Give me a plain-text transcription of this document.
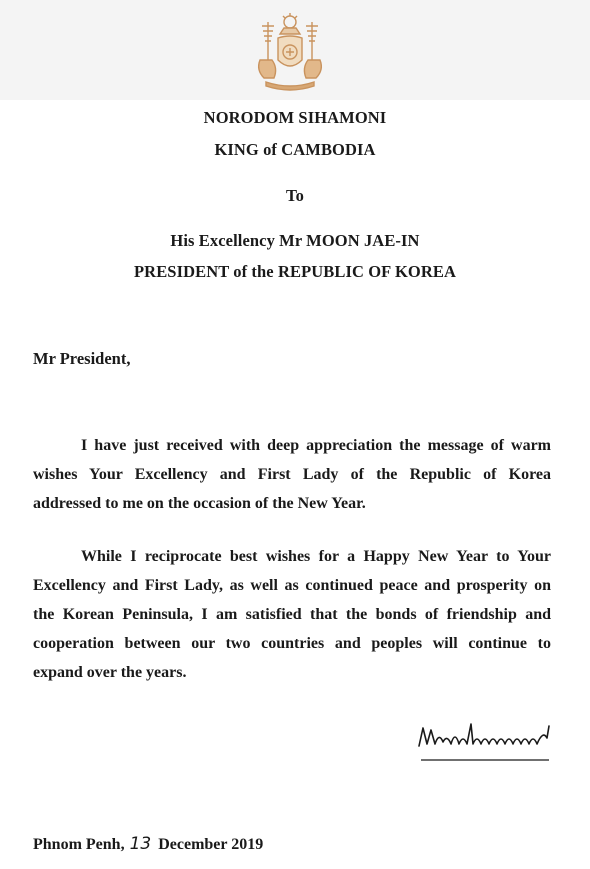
NORODOM SIHAMONI
KING of CAMBODIA
To
His Excellency Mr MOON JAE-IN
PRESIDENT of the REPUBLIC OF KOREA
Mr President,
I have just received with deep appreciation the message of warm
wishes Your Excellency and First Lady of the Republic of Korea
addressed to me on the occasion of the New Year.
While I reciprocate best wishes for a Happy New Year to Your
Excellency and First Lady, as well as continued peace and prosperity on
the Korean Peninsula, I am satisfied that the bonds of friendship and
cooperation between our two countries and peoples will continue to
expand over the years.
Phnom Penh, 13 December 2019
